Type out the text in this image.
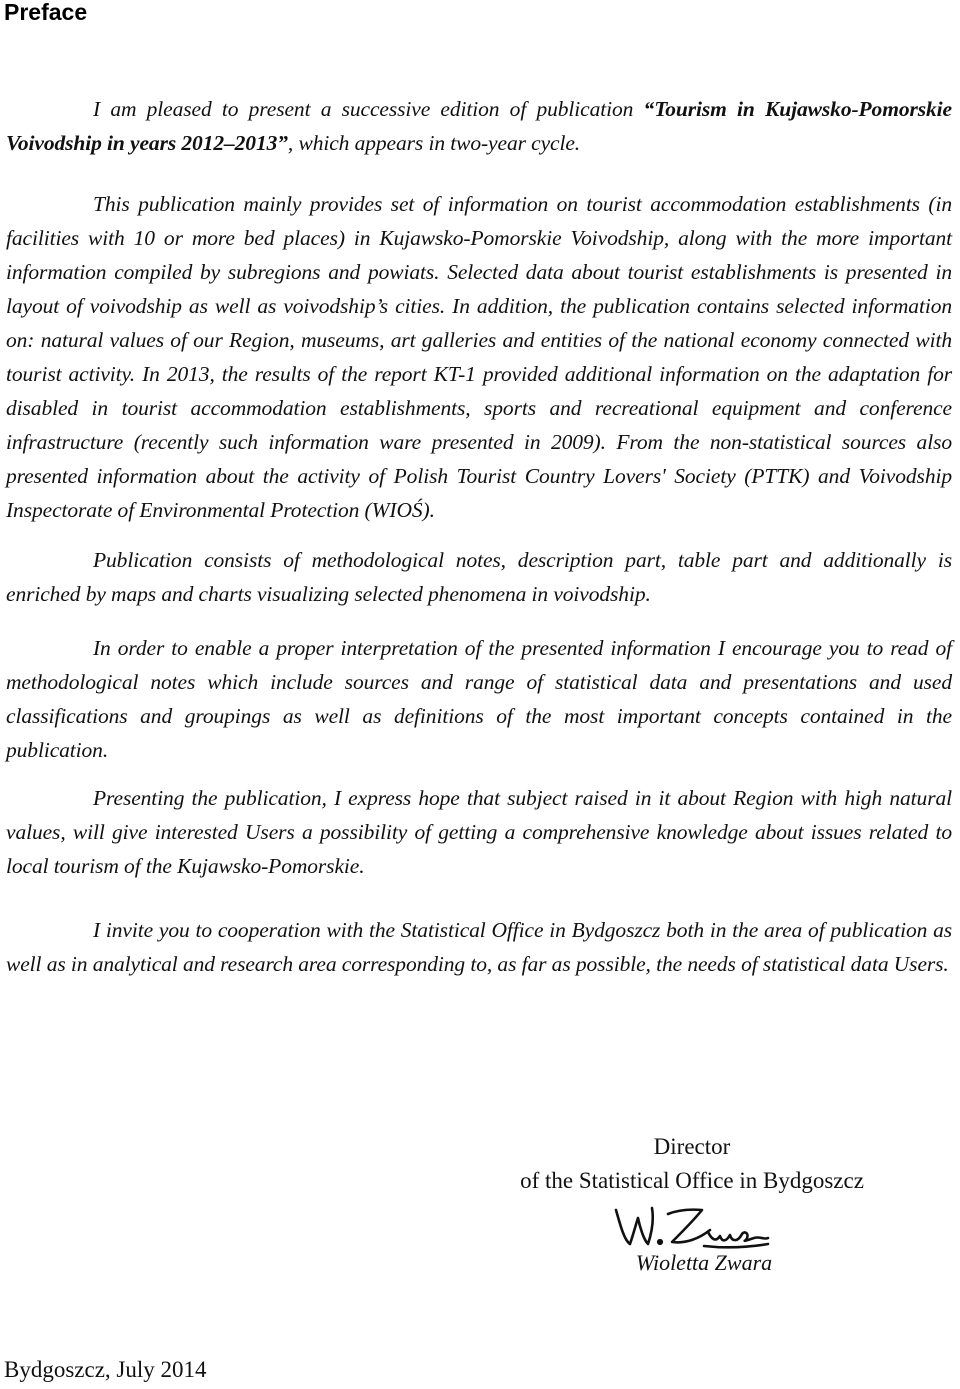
Preface

I am pleased to present a successive edition of publication “Tourism in Kujawsko-Pomorskie Voivodship in years 2012–2013”, which appears in two-year cycle.

This publication mainly provides set of information on tourist accommodation establishments (in facilities with 10 or more bed places) in Kujawsko-Pomorskie Voivodship, along with the more important information compiled by subregions and powiats. Selected data about tourist establishments is presented in layout of voivodship as well as voivodship’s cities. In addition, the publication contains selected information on: natural values of our Region, museums, art galleries and entities of the national economy connected with tourist activity. In 2013, the results of the report KT-1 provided additional information on the adaptation for disabled in tourist accommodation establishments, sports and recreational equipment and conference infrastructure (recently such information ware presented in 2009). From the non-statistical sources also presented information about the activity of Polish Tourist Country Lovers' Society (PTTK) and Voivodship Inspectorate of Environmental Protection (WIOŚ).

Publication consists of methodological notes, description part, table part and additionally is enriched by maps and charts visualizing selected phenomena in voivodship.

In order to enable a proper interpretation of the presented information I encourage you to read of methodological notes which include sources and range of statistical data and presentations and used classifications and groupings as well as definitions of the most important concepts contained in the publication.

Presenting the publication, I express hope that subject raised in it about Region with high natural values, will give interested Users a possibility of getting a comprehensive knowledge about issues related to local tourism of the Kujawsko-Pomorskie.

I invite you to cooperation with the Statistical Office in Bydgoszcz both in the area of publication as well as in analytical and research area corresponding to, as far as possible, the needs of statistical data Users.

Director
of the Statistical Office in Bydgoszcz
Wioletta Zwara
Bydgoszcz, July 2014
